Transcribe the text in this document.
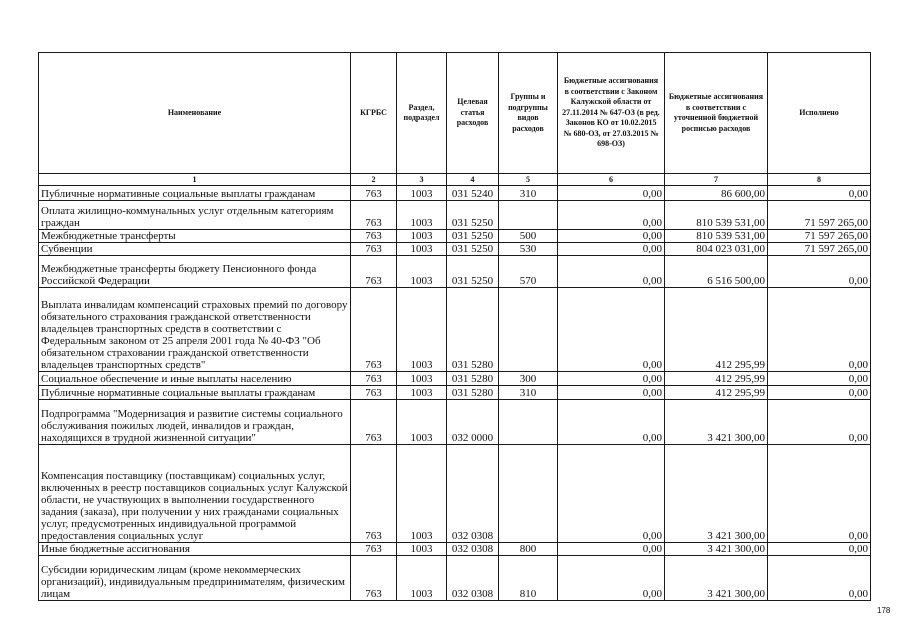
Наименование	КГРБС	Раздел, подраздел	Целевая статья расходов	Группы и подгруппы видов расходов	Бюджетные ассигнования в соответствии с Законом Калужской области от 27.11.2014 № 647-ОЗ (в ред. Законов КО от 10.02.2015 № 680-ОЗ, от 27.03.2015 № 698-ОЗ)	Бюджетные ассигнования в соответствии с уточненной бюджетной росписью расходов	Исполнено
1	2	3	4	5	6	7	8
Публичные нормативные социальные выплаты гражданам	763	1003	031 5240	310	0,00	86 600,00	0,00
Оплата жилищно-коммунальных услуг отдельным категориям граждан	763	1003	031 5250		0,00	810 539 531,00	71 597 265,00
Межбюджетные трансферты	763	1003	031 5250	500	0,00	810 539 531,00	71 597 265,00
Субвенции	763	1003	031 5250	530	0,00	804 023 031,00	71 597 265,00
Межбюджетные трансферты бюджету Пенсионного фонда Российской Федерации	763	1003	031 5250	570	0,00	6 516 500,00	0,00
Выплата инвалидам компенсаций страховых премий по договору обязательного страхования гражданской ответственности владельцев транспортных средств в соответствии с Федеральным законом от 25 апреля 2001 года № 40-ФЗ "Об обязательном страховании гражданской ответственности владельцев транспортных средств"	763	1003	031 5280		0,00	412 295,99	0,00
Социальное обеспечение и иные выплаты населению	763	1003	031 5280	300	0,00	412 295,99	0,00
Публичные нормативные социальные выплаты гражданам	763	1003	031 5280	310	0,00	412 295,99	0,00
Подпрограмма "Модернизация и развитие системы социального обслуживания пожилых людей, инвалидов и граждан, находящихся в трудной жизненной ситуации"	763	1003	032 0000		0,00	3 421 300,00	0,00
Компенсация поставщику (поставщикам) социальных услуг, включенных в реестр поставщиков социальных услуг Калужской области, не участвующих в выполнении государственного задания (заказа), при получении у них гражданами социальных услуг, предусмотренных индивидуальной программой предоставления социальных услуг	763	1003	032 0308		0,00	3 421 300,00	0,00
Иные бюджетные ассигнования	763	1003	032 0308	800	0,00	3 421 300,00	0,00
Субсидии юридическим лицам (кроме некоммерческих организаций), индивидуальным предпринимателям, физическим лицам	763	1003	032 0308	810	0,00	3 421 300,00	0,00
178
